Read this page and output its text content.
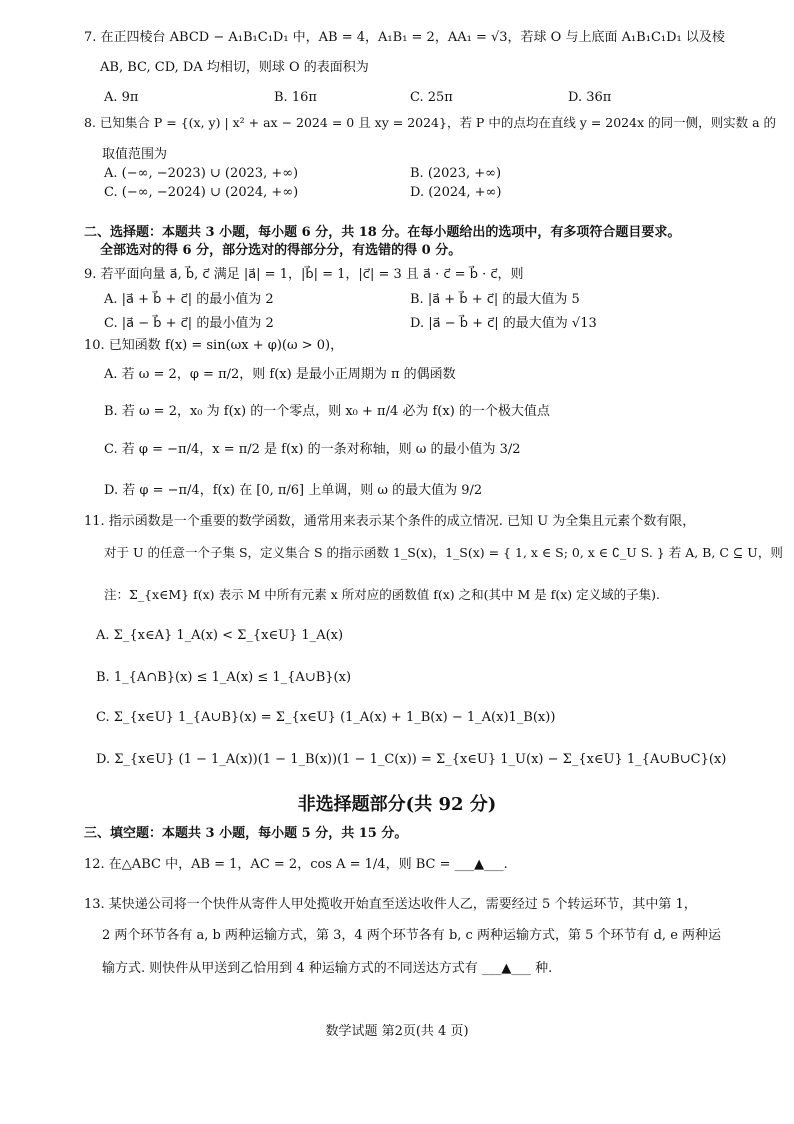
7. 在正四棱台 ABCD − A₁B₁C₁D₁ 中，AB = 4，A₁B₁ = 2，AA₁ = √3，若球 O 与上底面 A₁B₁C₁D₁ 以及棱
AB, BC, CD, DA 均相切，则球 O 的表面积为
A. 9π	B. 16π	C. 25π	D. 36π
8. 已知集合 P = {(x, y) | x² + ax − 2024 = 0 且 xy = 2024}，若 P 中的点均在直线 y = 2024x 的同一侧，则实数 a 的
取值范围为
A. (−∞, −2023) ∪ (2023, +∞)	B. (2023, +∞)
C. (−∞, −2024) ∪ (2024, +∞)	D. (2024, +∞)
二、选择题：本题共 3 小题，每小题 6 分，共 18 分。在每小题给出的选项中，有多项符合题目要求。
全部选对的得 6 分，部分选对的得部分分，有选错的得 0 分。
9. 若平面向量 a⃗, b⃗, c⃗ 满足 |a⃗| = 1，|b⃗| = 1，|c⃗| = 3 且 a⃗ · c⃗ = b⃗ · c⃗，则
A. |a⃗ + b⃗ + c⃗| 的最小值为 2	B. |a⃗ + b⃗ + c⃗| 的最大值为 5
C. |a⃗ − b⃗ + c⃗| 的最小值为 2	D. |a⃗ − b⃗ + c⃗| 的最大值为 √13
10. 已知函数 f(x) = sin(ωx + φ)(ω > 0)，
A. 若 ω = 2，φ = π/2，则 f(x) 是最小正周期为 π 的偶函数
B. 若 ω = 2，x₀ 为 f(x) 的一个零点，则 x₀ + π/4 必为 f(x) 的一个极大值点
C. 若 φ = −π/4，x = π/2 是 f(x) 的一条对称轴，则 ω 的最小值为 3/2
D. 若 φ = −π/4，f(x) 在 [0, π/6] 上单调，则 ω 的最大值为 9/2
11. 指示函数是一个重要的数学函数，通常用来表示某个条件的成立情况. 已知 U 为全集且元素个数有限，
对于 U 的任意一个子集 S，定义集合 S 的指示函数 1_S(x)，1_S(x) = { 1, x ∈ S; 0, x ∈ ∁_U S. } 若 A, B, C ⊆ U，则
注：Σ_{x∈M} f(x) 表示 M 中所有元素 x 所对应的函数值 f(x) 之和(其中 M 是 f(x) 定义域的子集).
A. Σ_{x∈A} 1_A(x) < Σ_{x∈U} 1_A(x)
B. 1_{A∩B}(x) ≤ 1_A(x) ≤ 1_{A∪B}(x)
C. Σ_{x∈U} 1_{A∪B}(x) = Σ_{x∈U} (1_A(x) + 1_B(x) − 1_A(x)1_B(x))
D. Σ_{x∈U} (1 − 1_A(x))(1 − 1_B(x))(1 − 1_C(x)) = Σ_{x∈U} 1_U(x) − Σ_{x∈U} 1_{A∪B∪C}(x)
非选择题部分(共 92 分)
三、填空题：本题共 3 小题，每小题 5 分，共 15 分。
12. 在△ABC 中，AB = 1，AC = 2，cos A = 1/4，则 BC = ___▲___.
13. 某快递公司将一个快件从寄件人甲处揽收开始直至送达收件人乙，需要经过 5 个转运环节，其中第 1，
2 两个环节各有 a, b 两种运输方式，第 3，4 两个环节各有 b, c 两种运输方式，第 5 个环节有 d, e 两种运
输方式. 则快件从甲送到乙恰用到 4 种运输方式的不同送达方式有 ___▲___ 种.
数学试题 第2页(共 4 页)
